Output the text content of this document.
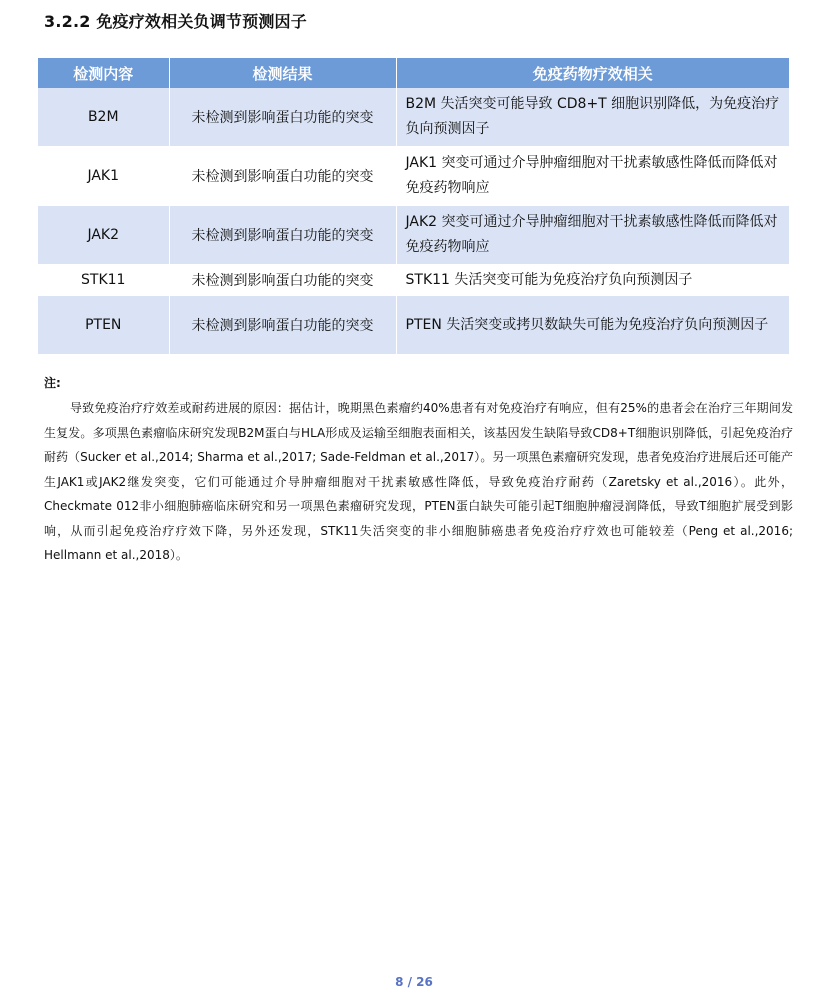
3.2.2 免疫疗效相关负调节预测因子
检测内容	检测结果	免疫药物疗效相关
B2M	未检测到影响蛋白功能的突变	B2M 失活突变可能导致 CD8+T 细胞识别降低，为免疫治疗负向预测因子
JAK1	未检测到影响蛋白功能的突变	JAK1 突变可通过介导肿瘤细胞对干扰素敏感性降低而降低对免疫药物响应
JAK2	未检测到影响蛋白功能的突变	JAK2 突变可通过介导肿瘤细胞对干扰素敏感性降低而降低对免疫药物响应
STK11	未检测到影响蛋白功能的突变	STK11 失活突变可能为免疫治疗负向预测因子
PTEN	未检测到影响蛋白功能的突变	PTEN 失活突变或拷贝数缺失可能为免疫治疗负向预测因子
注:

导致免疫治疗疗效差或耐药进展的原因：据估计，晚期黑色素瘤约40%患者有对免疫治疗有响应，但有25%的患者会在治疗三年期间发生复发。多项黑色素瘤临床研究发现B2M蛋白与HLA形成及运输至细胞表面相关，该基因发生缺陷导致CD8+T细胞识别降低，引起免疫治疗耐药（Sucker et al.,2014; Sharma et al.,2017; Sade-Feldman et al.,2017）。另一项黑色素瘤研究发现，患者免疫治疗进展后还可能产生JAK1或JAK2继发突变，它们可能通过介导肿瘤细胞对干扰素敏感性降低，导致免疫治疗耐药（Zaretsky et al.,2016）。此外，Checkmate 012非小细胞肺癌临床研究和另一项黑色素瘤研究发现，PTEN蛋白缺失可能引起T细胞肿瘤浸润降低，导致T细胞扩展受到影响，从而引起免疫治疗疗效下降，另外还发现，STK11失活突变的非小细胞肺癌患者免疫治疗疗效也可能较差（Peng et al.,2016; Hellmann et al.,2018）。

8 / 26
